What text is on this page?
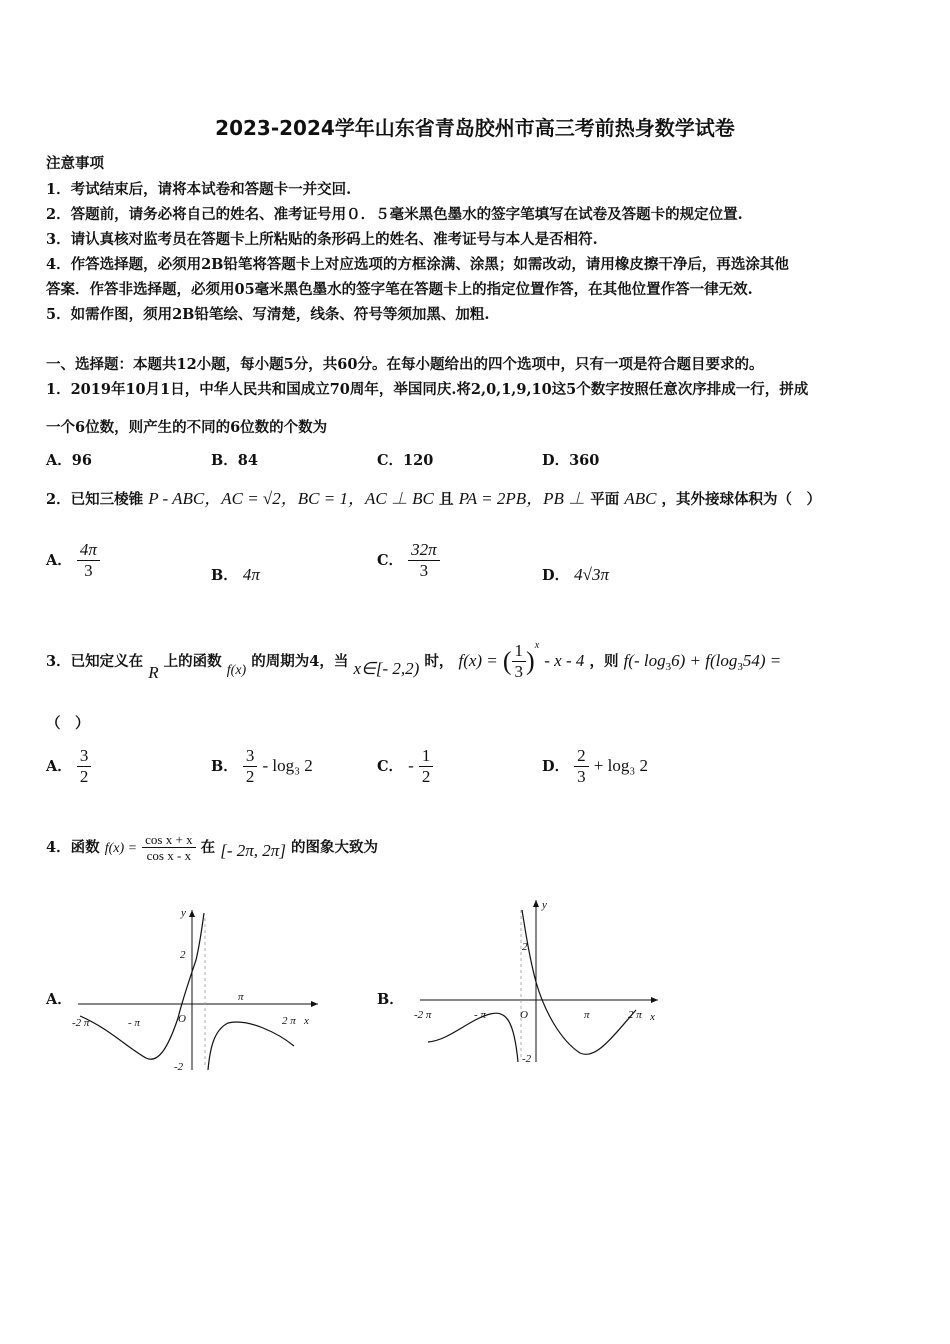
2023-2024学年山东省青岛胶州市高三考前热身数学试卷
注意事项
1．考试结束后，请将本试卷和答题卡一并交回.
2．答题前，请务必将自己的姓名、准考证号用０．５毫米黑色墨水的签字笔填写在试卷及答题卡的规定位置.
3．请认真核对监考员在答题卡上所粘贴的条形码上的姓名、准考证号与本人是否相符.
4．作答选择题，必须用2B铅笔将答题卡上对应选项的方框涂满、涂黑；如需改动，请用橡皮擦干净后，再选涂其他
答案．作答非选择题，必须用05毫米黑色墨水的签字笔在答题卡上的指定位置作答，在其他位置作答一律无效.
5．如需作图，须用2B铅笔绘、写清楚，线条、符号等须加黑、加粗.
一、选择题：本题共12小题，每小题5分，共60分。在每小题给出的四个选项中，只有一项是符合题目要求的。
1．2019年10月1日，中华人民共和国成立70周年，举国同庆.将2,0,1,9,10这5个数字按照任意次序排成一行，拼成
一个6位数，则产生的不同的6位数的个数为
A．96	B．84	C．120	D．360
2．已知三棱锥 P - ABC，AC = √2，BC = 1，AC ⊥ BC 且 PA = 2PB，PB ⊥ 平面 ABC ，其外接球体积为（　）
A． $\frac{4\pi}{3}$	B． 4π
C． $\frac{32\pi}{3}$	D． 4√3π
3．已知定义在 R 上的函数 f(x) 的周期为4，当 x∈[- 2,2) 时， f(x) = ( $\frac{1}{3} )^x$ - x - 4 ，则 f(- $\log_36) + f(\log_354)$ =
（　）
A． $\frac{3}{2}$	B． $\frac{3}{2} - \log_3$ 2	C． - $\frac{1}{2}$	D． $\frac{2}{3} + \log_3$ 2
4．函数 $f(x) = \frac{\text{cos x + x}}{\text{cos x - x}}$ 在 [- 2π, 2π] 的图象大致为
A．
y
x
2
-2
O
π
- π	2 π
-2 π
B．
y
x
2
-2
O	π
- π	2 π
-2 π
